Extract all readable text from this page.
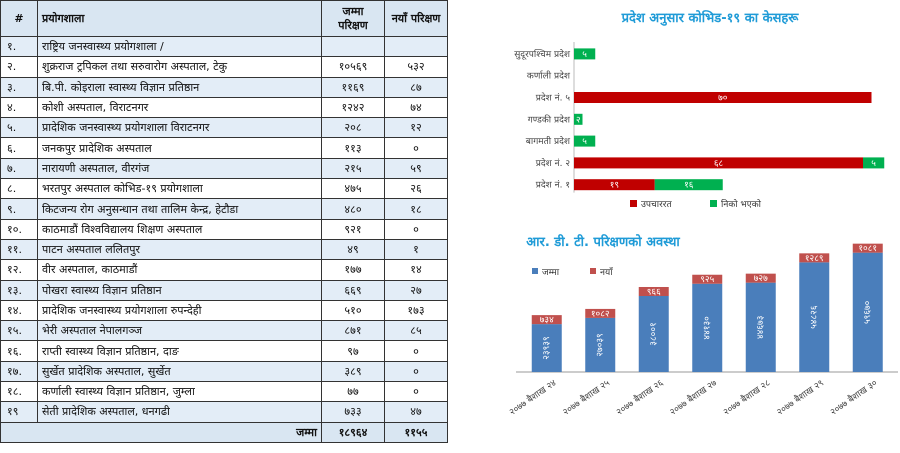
#	प्रयोगशाला	जम्मा परिक्षण	नयाँ परिक्षण
१.	राष्ट्रिय जनस्वास्थ्य प्रयोगशाला /		
२.	शुक्रराज ट्रपिकल तथा सरुवारोग अस्पताल, टेकु	१०५६९	५३२
३.	बि.पी. कोइराला स्वास्थ्य विज्ञान प्रतिष्ठान	११६९	८७
४.	कोशी अस्पताल, विराटनगर	१२४२	७४
५.	प्रादेशिक जनस्वास्थ्य प्रयोगशाला विराटनगर	२०८	१२
६.	जनकपुर प्रादेशिक अस्पताल	११३	०
७.	नारायणी अस्पताल, वीरगंज	२१५	५९
८.	भरतपुर अस्पताल कोभिड-१९ प्रयोगशाला	४७५	२६
९.	किटजन्य रोग अनुसन्धान तथा तालिम केन्द्र, हेटौडा	४८०	१८
१०.	काठमाडौं विश्वविद्यालय शिक्षण अस्पताल	९२१	०
११.	पाटन अस्पताल ललितपुर	४९	१
१२.	वीर अस्पताल, काठमाडौं	१७७	१४
१३.	पोखरा स्वास्थ्य विज्ञान प्रतिष्ठान	६६९	२७
१४.	प्रादेशिक जनस्वास्थ्य प्रयोगशाला रुपन्देही	५१०	१७३
१५.	भेरी अस्पताल नेपालगञ्ज	८७१	८५
१६.	राप्ती स्वास्थ्य विज्ञान प्रतिष्ठान, दाङ	९७	०
१७.	सुर्खेत प्रादेशिक अस्पताल, सुर्खेत	३८९	०
१८.	कर्णाली स्वास्थ्य विज्ञान प्रतिष्ठान, जुम्ला	७७	०
१९	सेती प्रादेशिक अस्पताल, धनगढी	७३३	४७
जम्मा		१८९६४	११५५
प्रदेश अनुसार कोभिड-१९ का केसहरू
सुदूरपश्चिम प्रदेश ५
कर्णाली प्रदेश
प्रदेश नं. ५	७०
गण्डकी प्रदेश २
बागमती प्रदेश ५
प्रदेश नं. २	६८	५
प्रदेश नं. १	१९	१६
उपचाररत	निको भएको
आर. डी. टी. परिक्षणको अवस्था
जम्मा	नयाँ
२३९३९
७३४
२०७७ बैशाख २४
२७०३९
१०८२
२०७७ बैशाख २५
३८००१
९६६
२०७७ बैशाख २६
४४१३०
९२५
२०७७ बैशाख २७
४४६७३
७२७
२०७७ बैशाख २८
५४८२६
१२८९
२०७७ बैशाख २९
५९६७०
१०८१
२०७७ बैशाख ३०
